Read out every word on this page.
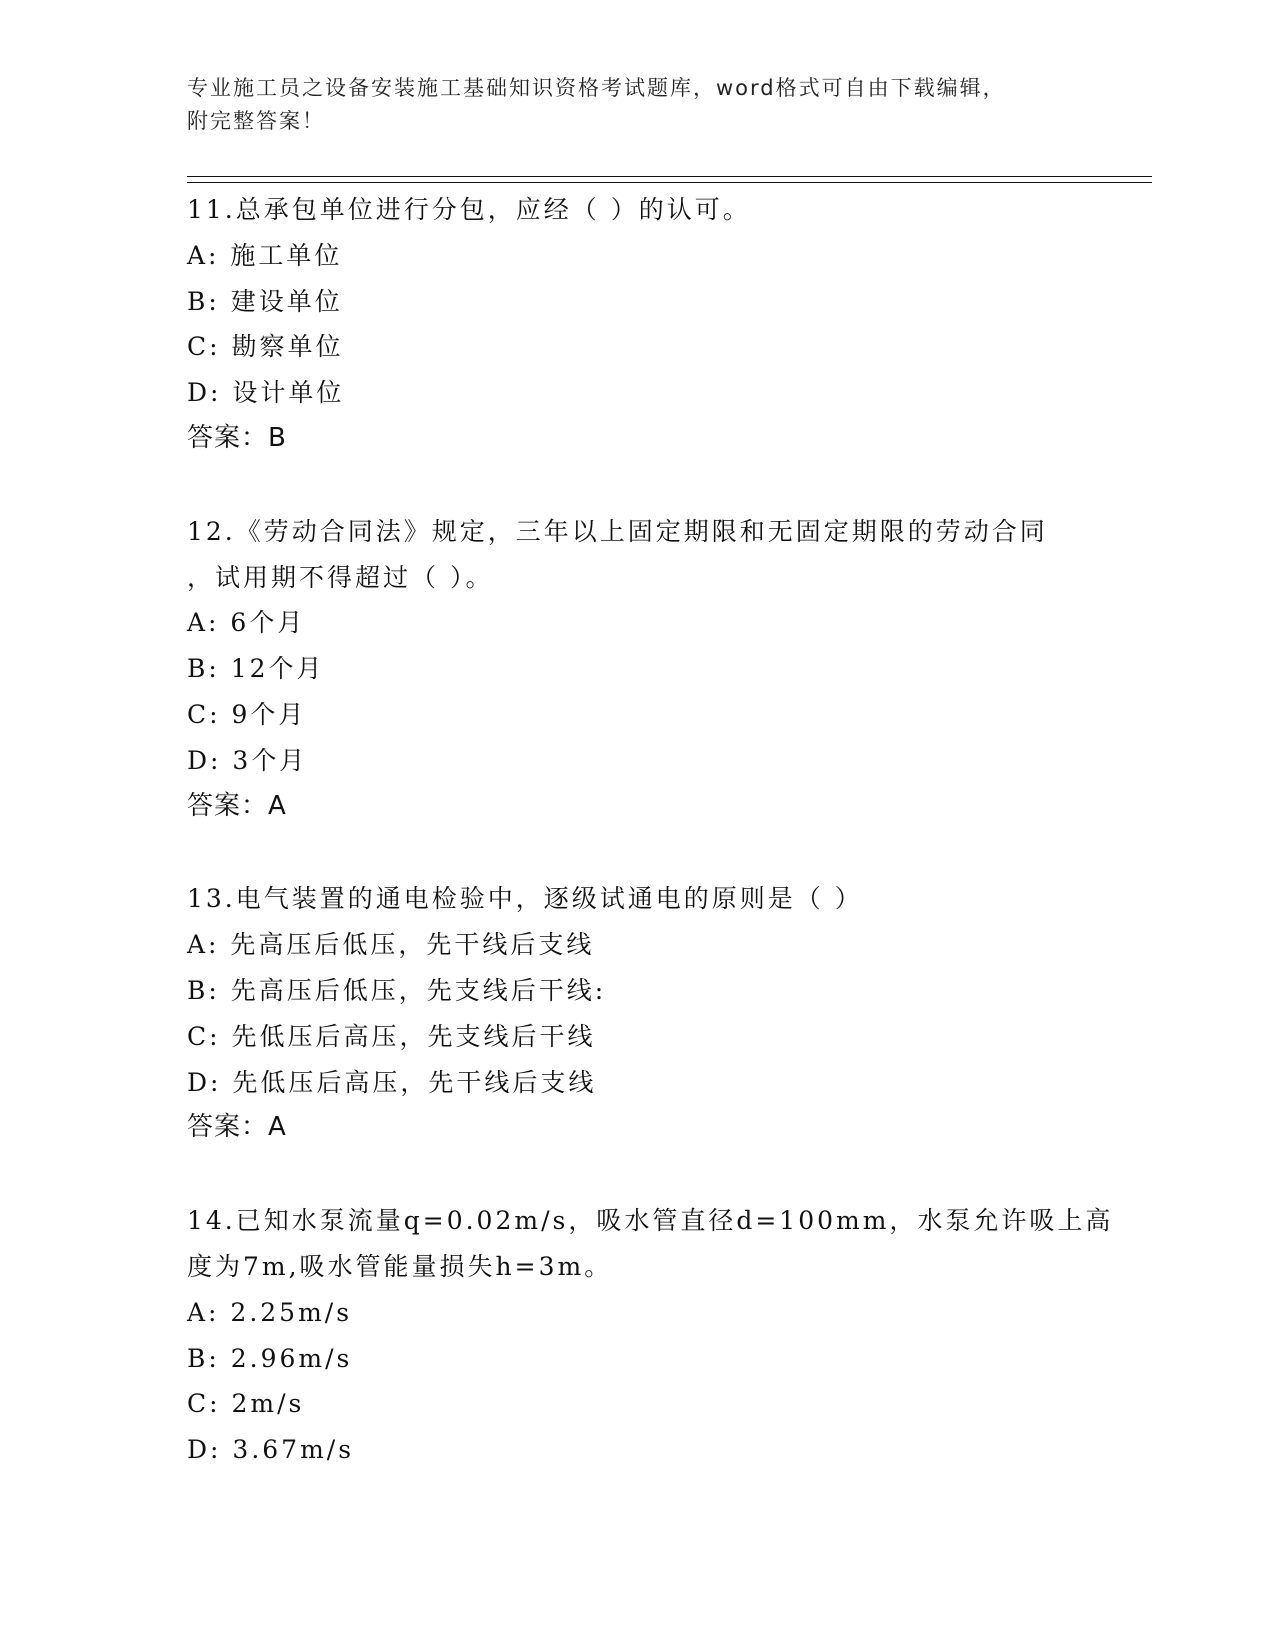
专业施工员之设备安装施工基础知识资格考试题库，word格式可自由下载编辑，
附完整答案！
11.总承包单位进行分包，应经（ ）的认可。
A: 施工单位
B: 建设单位
C: 勘察单位
D: 设计单位
答案：B
12.《劳动合同法》规定，三年以上固定期限和无固定期限的劳动合同
，试用期不得超过（ ）。
A: 6个月
B: 12个月
C: 9个月
D: 3个月
答案：A
13.电气装置的通电检验中，逐级试通电的原则是（ ）
A: 先高压后低压，先干线后支线
B: 先高压后低压，先支线后干线:
C: 先低压后高压，先支线后干线
D: 先低压后高压，先干线后支线
答案：A
14.已知水泵流量q=0.02m/s，吸水管直径d=100mm，水泵允许吸上高
度为7m,吸水管能量损失h=3m。
A: 2.25m/s
B: 2.96m/s
C: 2m/s
D: 3.67m/s
